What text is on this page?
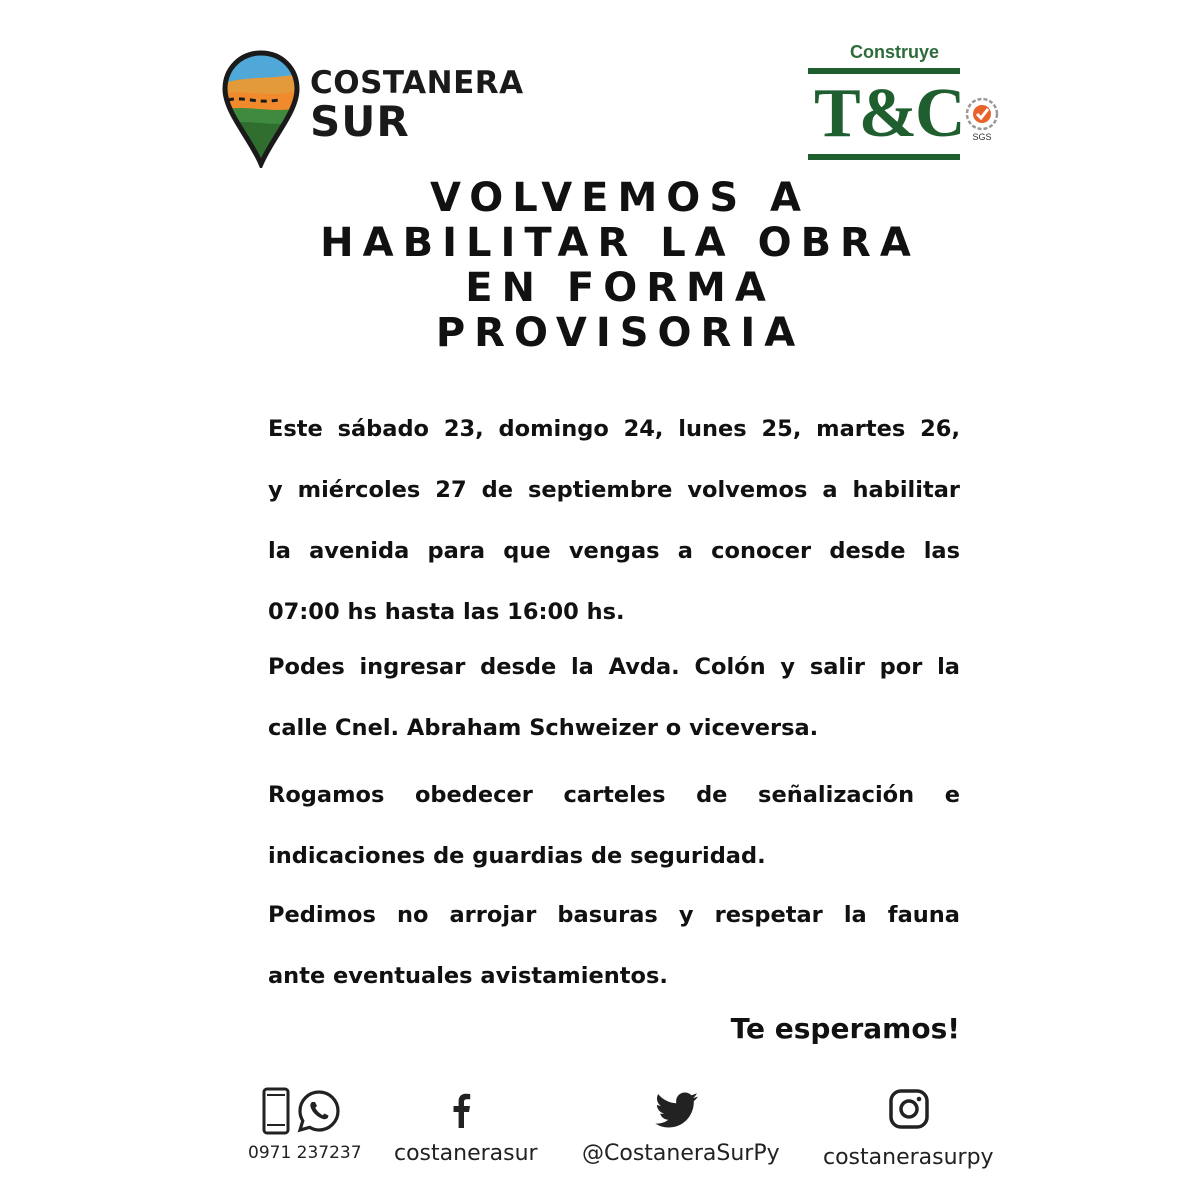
COSTANERA
SUR
Construye
T&C SGS
VOLVEMOS A
HABILITAR LA OBRA
EN FORMA
PROVISORIA
Este sábado 23, domingo 24, lunes 25, martes 26,
y miércoles 27 de septiembre volvemos a habilitar
la avenida para que vengas a conocer desde las
07:00 hs hasta las 16:00 hs.
Podes ingresar desde la Avda. Colón y salir por la
calle Cnel. Abraham Schweizer o viceversa.
Rogamos obedecer carteles de señalización e
indicaciones de guardias de seguridad.
Pedimos no arrojar basuras y respetar la fauna
ante eventuales avistamientos.
Te esperamos!
0971 237237 costanerasur @CostaneraSurPy costanerasurpy
